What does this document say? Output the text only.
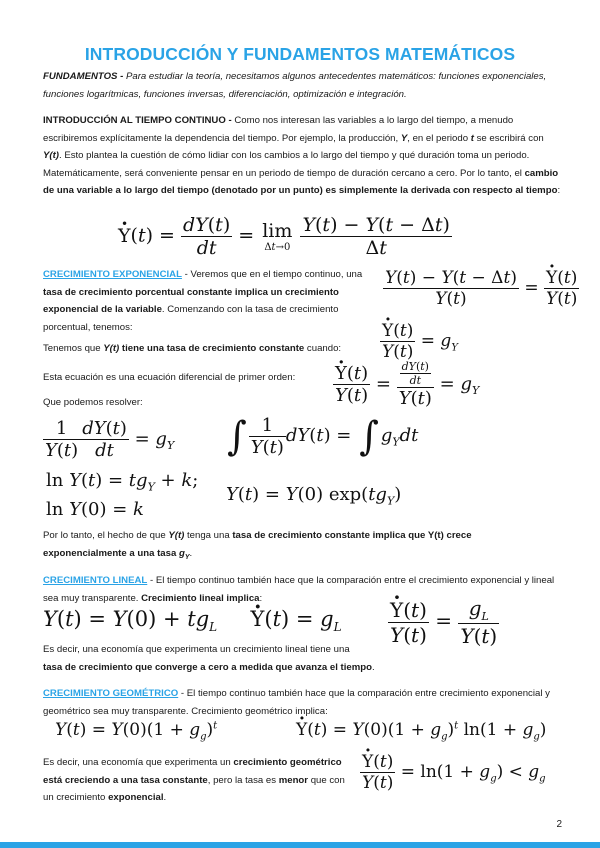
INTRODUCCIÓN Y FUNDAMENTOS MATEMÁTICOS
FUNDAMENTOS - Para estudiar la teoría, necesitamos algunos antecedentes matemáticos: funciones exponenciales, funciones logarítmicas, funciones inversas, diferenciación, optimización e integración.
INTRODUCCIÓN AL TIEMPO CONTINUO - Como nos interesan las variables a lo largo del tiempo, a menudo escribiremos explícitamente la dependencia del tiempo. Por ejemplo, la producción, Y, en el periodo t se escribirá con Y(t). Esto plantea la cuestión de cómo lidiar con los cambios a lo largo del tiempo y qué duración toma un periodo. Matemáticamente, será conveniente pensar en un periodo de tiempo de duración cercano a cero. Por lo tanto, el cambio de una variable a lo largo del tiempo (denotado por un punto) es simplemente la derivada con respecto al tiempo:
· $Y(t) = \frac{dY(t)}{dt} = \lim$
Δt→0
$\frac{Y(t) - Y(t - \Delta t)}{\Delta t}$
CRECIMIENTO EXPONENCIAL - Veremos que en el tiempo continuo, una tasa de crecimiento porcentual constante implica un crecimiento exponencial de la variable. Comenzando con la tasa de crecimiento porcentual, tenemos:
$\frac{Y(t) - Y(t - \Delta t)}{Y(t)}$ =
· $\frac{Y(t)}{Y(t)}$
Tenemos que Y(t) tiene una tasa de crecimiento constante cuando:
· $\frac{Y(t)}{Y(t)} = g_Y$
Esta ecuación es una ecuación diferencial de primer orden:
· $\frac{Y(t)}{Y(t)} = \frac{\frac{dY(t)}{dt}}{Y(t)} = g_Y$
Que podemos resolver:
$\frac{1}{Y(t)} \frac{dY(t)}{dt} = g_Y$ ∫ $\frac{1}{Y(t)} dY(t)$ = ∫ $g_Ydt$
$\ln Y(t) = tg_Y + k$;
ln Y(0) = k
Y(t) = Y(0) $\exp(tg_Y)$
Por lo tanto, el hecho de que Y(t) tenga una tasa de crecimiento constante implica que Y(t) crece exponencialmente a una tasa $g_Y$.
CRECIMIENTO LINEAL - El tiempo continuo también hace que la comparación entre el crecimiento exponencial y lineal sea muy transparente. Crecimiento lineal implica:
$Y(t) = Y(0) + tg_L$     · $Y(t) = g_L$
· $\frac{Y(t)}{Y(t)} = \frac{g_L}{Y(t)}$
Es decir, una economía que experimenta un crecimiento lineal tiene una
tasa de crecimiento que converge a cero a medida que avanza el tiempo.
CRECIMIENTO GEOMÉTRICO - El tiempo continuo también hace que la comparación entre crecimiento exponencial y geométrico sea muy transparente. Crecimiento geométrico implica:
$Y(t) = Y(0)(1 + g_g)^t$
·	$Y(t) = Y(0)(1 + g_g)^t$ $\ln(1 + g_g)$
Es decir, una economía que experimenta un crecimiento geométrico está creciendo a una tasa constante, pero la tasa es menor que con un crecimiento exponencial.
· $\frac{Y(t)}{Y(t)} = \ln(1 + g_g) < g_g$
2
